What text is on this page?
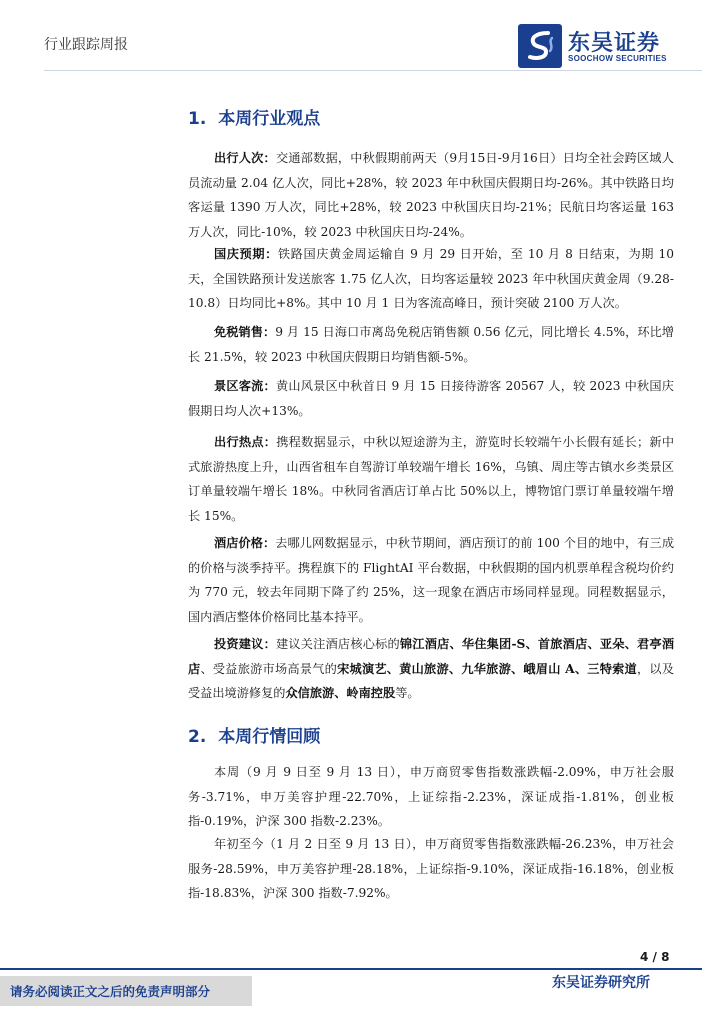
行业跟踪周报	东吴证券
SOOCHOW SECURITIES
1. 本周行业观点
出行人次：交通部数据，中秋假期前两天（9月15日-9月16日）日均全社会跨区域人员流动量 2.04 亿人次，同比+28%，较 2023 年中秋国庆假期日均-26%。其中铁路日均客运量 1390 万人次，同比+28%，较 2023 中秋国庆日均-21%；民航日均客运量 163 万人次，同比-10%，较 2023 中秋国庆日均-24%。
国庆预期：铁路国庆黄金周运输自 9 月 29 日开始，至 10 月 8 日结束，为期 10 天，全国铁路预计发送旅客 1.75 亿人次，日均客运量较 2023 年中秋国庆黄金周（9.28-10.8）日均同比+8%。其中 10 月 1 日为客流高峰日，预计突破 2100 万人次。
免税销售：9 月 15 日海口市离岛免税店销售额 0.56 亿元，同比增长 4.5%，环比增长 21.5%，较 2023 中秋国庆假期日均销售额-5%。
景区客流：黄山风景区中秋首日 9 月 15 日接待游客 20567 人，较 2023 中秋国庆假期日均人次+13%。
出行热点：携程数据显示，中秋以短途游为主，游览时长较端午小长假有延长；新中式旅游热度上升，山西省租车自驾游订单较端午增长 16%，乌镇、周庄等古镇水乡类景区订单量较端午增长 18%。中秋同省酒店订单占比 50%以上，博物馆门票订单量较端午增长 15%。
酒店价格：去哪儿网数据显示，中秋节期间，酒店预订的前 100 个目的地中，有三成的价格与淡季持平。携程旗下的 FlightAI 平台数据，中秋假期的国内机票单程含税均价约为 770 元，较去年同期下降了约 25%，这一现象在酒店市场同样显现。同程数据显示，国内酒店整体价格同比基本持平。
投资建议：建议关注酒店核心标的锦江酒店、华住集团-S、首旅酒店、亚朵、君亭酒店、受益旅游市场高景气的宋城演艺、黄山旅游、九华旅游、峨眉山 A、三特索道，以及受益出境游修复的众信旅游、岭南控股等。
2. 本周行情回顾
本周（9 月 9 日至 9 月 13 日），申万商贸零售指数涨跌幅-2.09%，申万社会服务-3.71%，申万美容护理-22.70%，上证综指-2.23%，深证成指-1.81%，创业板指-0.19%，沪深 300 指数-2.23%。
年初至今（1 月 2 日至 9 月 13 日），申万商贸零售指数涨跌幅-26.23%，申万社会服务-28.59%，申万美容护理-28.18%，上证综指-9.10%，深证成指-16.18%，创业板指-18.83%，沪深 300 指数-7.92%。
4 / 8
请务必阅读正文之后的免责声明部分
东吴证券研究所
